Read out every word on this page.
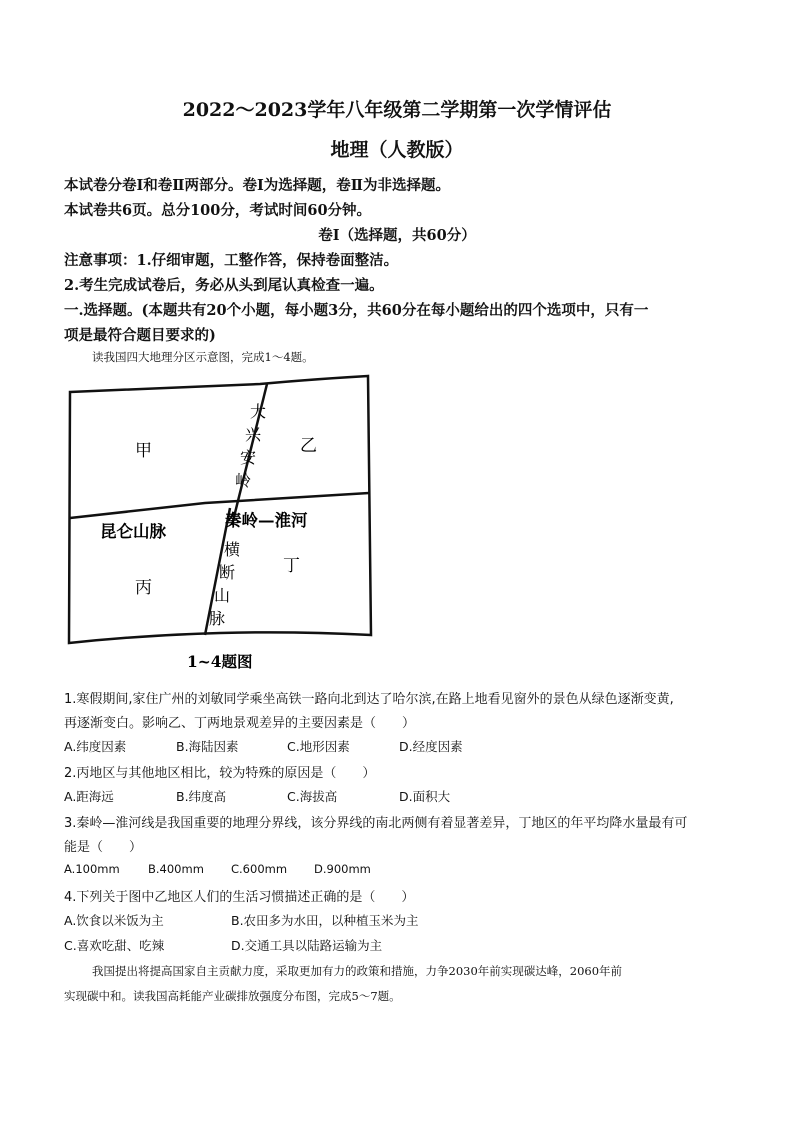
2022～2023学年八年级第二学期第一次学情评估
地理（人教版）
本试卷分卷Ⅰ和卷Ⅱ两部分。卷Ⅰ为选择题，卷Ⅱ为非选择题。
本试卷共6页。总分100分，考试时间60分钟。
卷Ⅰ（选择题，共60分）
注意事项：1.仔细审题，工整作答，保持卷面整洁。
2.考生完成试卷后，务必从头到尾认真检查一遍。
一.选择题。(本题共有20个小题，每小题3分，共60分在每小题给出的四个选项中，只有一
项是最符合题目要求的)
读我国四大地理分区示意图，完成1～4题。
甲	乙
丙
丁
大
兴
安
岭
昆仑山脉
秦岭—淮河
横
断
山
脉
1~4题图
1.寒假期间,家住广州的刘敏同学乘坐高铁一路向北到达了哈尔滨,在路上地看见窗外的景色从绿色逐渐变黄,
再逐渐变白。影响乙、丁两地景观差异的主要因素是（　　）
A.纬度因素	B.海陆因素	C.地形因素	D.经度因素
2.丙地区与其他地区相比，较为特殊的原因是（　　）
A.距海远	B.纬度高	C.海拔高	D.面积大
3.秦岭—淮河线是我国重要的地理分界线，该分界线的南北两侧有着显著差异，丁地区的年平均降水量最有可
能是（　　）
A.100mm B.400mm C.600mm D.900mm
4.下列关于图中乙地区人们的生活习惯描述正确的是（　　）
A.饮食以米饭为主	B.农田多为水田，以种植玉米为主
C.喜欢吃甜、吃辣	D.交通工具以陆路运输为主
我国提出将提高国家自主贡献力度，采取更加有力的政策和措施，力争2030年前实现碳达峰，2060年前
实现碳中和。读我国高耗能产业碳排放强度分布图，完成5～7题。
